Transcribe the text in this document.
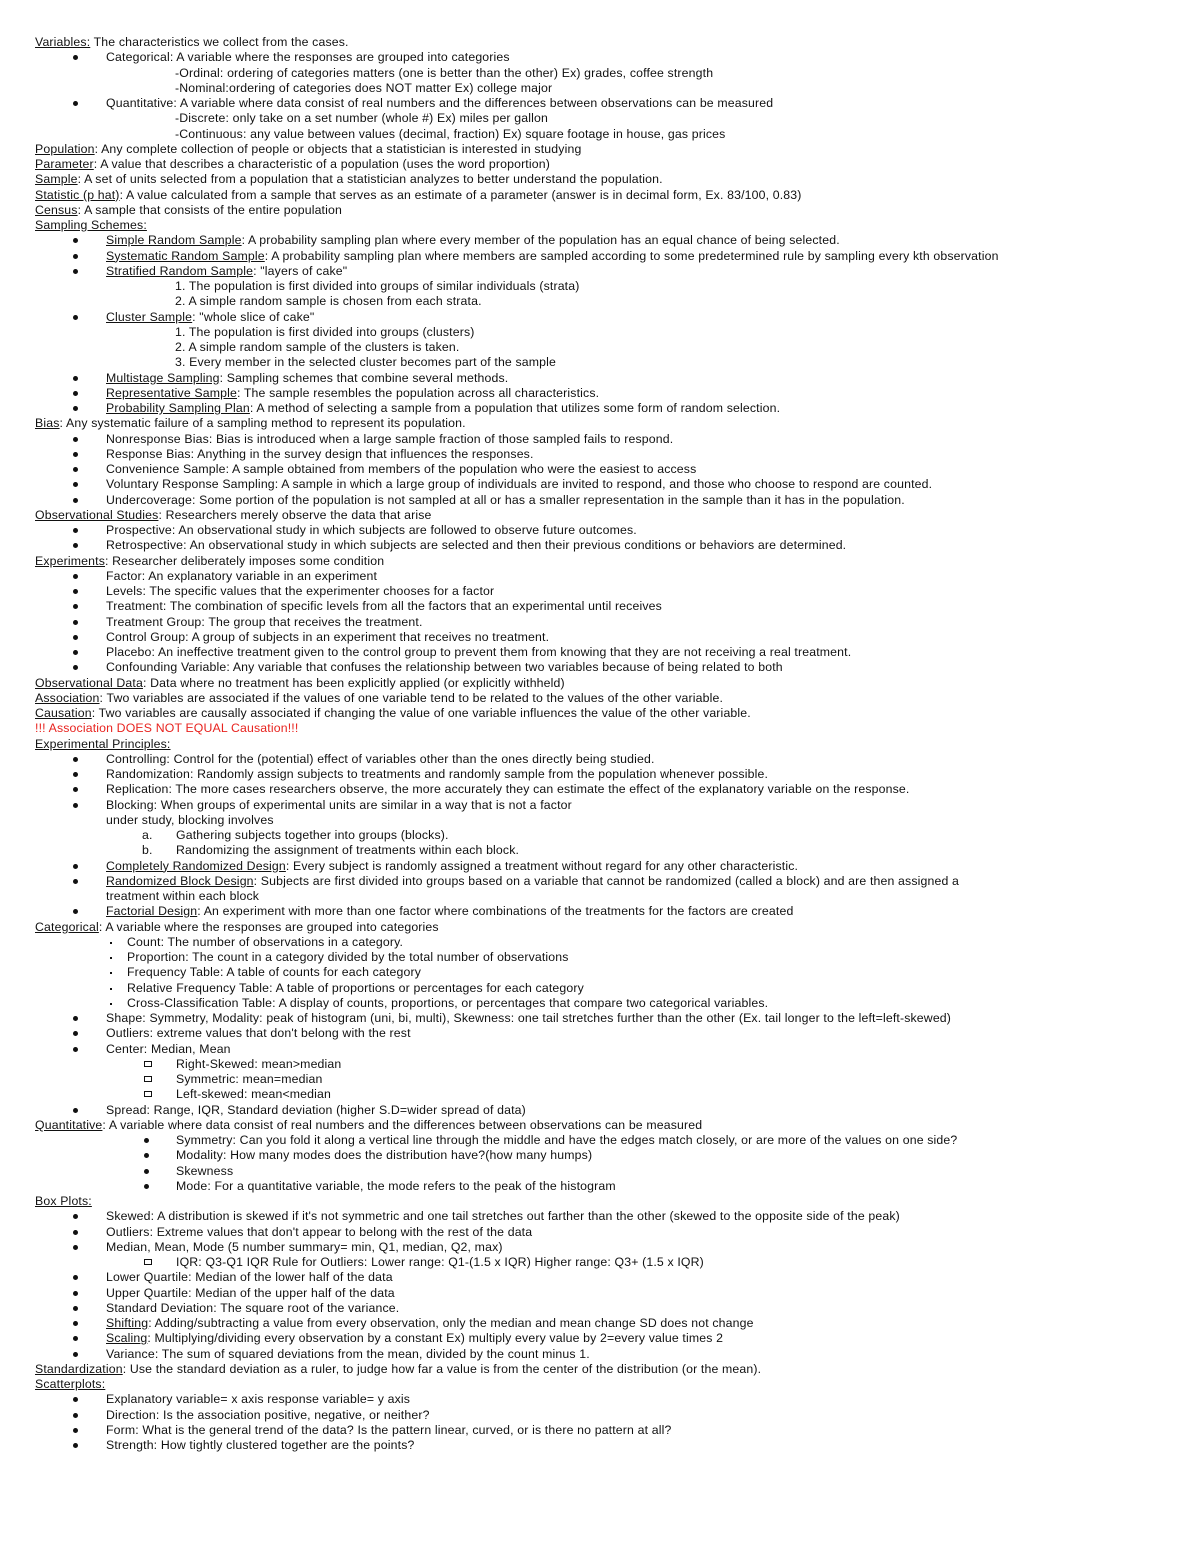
Variables: The characteristics we collect from the cases.
Categorical: A variable where the responses are grouped into categories
-Ordinal: ordering of categories matters (one is better than the other) Ex) grades, coffee strength
-Nominal:ordering of categories does NOT matter Ex) college major
Quantitative: A variable where data consist of real numbers and the differences between observations can be measured
-Discrete: only take on a set number (whole #) Ex) miles per gallon
-Continuous: any value between values (decimal, fraction) Ex) square footage in house, gas prices
Population: Any complete collection of people or objects that a statistician is interested in studying
Parameter: A value that describes a characteristic of a population (uses the word proportion)
Sample: A set of units selected from a population that a statistician analyzes to better understand the population.
Statistic (p hat): A value calculated from a sample that serves as an estimate of a parameter (answer is in decimal form, Ex. 83/100, 0.83)
Census: A sample that consists of the entire population
Sampling Schemes:
Simple Random Sample: A probability sampling plan where every member of the population has an equal chance of being selected.
Systematic Random Sample: A probability sampling plan where members are sampled according to some predetermined rule by sampling every kth observation
Stratified Random Sample: "layers of cake"
1. The population is first divided into groups of similar individuals (strata)
2. A simple random sample is chosen from each strata.
Cluster Sample: "whole slice of cake"
1. The population is first divided into groups (clusters)
2. A simple random sample of the clusters is taken.
3. Every member in the selected cluster becomes part of the sample
Multistage Sampling: Sampling schemes that combine several methods.
Representative Sample: The sample resembles the population across all characteristics.
Probability Sampling Plan: A method of selecting a sample from a population that utilizes some form of random selection.
Bias: Any systematic failure of a sampling method to represent its population.
Nonresponse Bias: Bias is introduced when a large sample fraction of those sampled fails to respond.
Response Bias: Anything in the survey design that influences the responses.
Convenience Sample: A sample obtained from members of the population who were the easiest to access
Voluntary Response Sampling: A sample in which a large group of individuals are invited to respond, and those who choose to respond are counted.
Undercoverage: Some portion of the population is not sampled at all or has a smaller representation in the sample than it has in the population.
Observational Studies: Researchers merely observe the data that arise
Prospective: An observational study in which subjects are followed to observe future outcomes.
Retrospective: An observational study in which subjects are selected and then their previous conditions or behaviors are determined.
Experiments: Researcher deliberately imposes some condition
Factor: An explanatory variable in an experiment
Levels: The specific values that the experimenter chooses for a factor
Treatment: The combination of specific levels from all the factors that an experimental until receives
Treatment Group: The group that receives the treatment.
Control Group: A group of subjects in an experiment that receives no treatment.
Placebo: An ineffective treatment given to the control group to prevent them from knowing that they are not receiving a real treatment.
Confounding Variable: Any variable that confuses the relationship between two variables because of being related to both
Observational Data: Data where no treatment has been explicitly applied (or explicitly withheld)
Association: Two variables are associated if the values of one variable tend to be related to the values of the other variable.
Causation: Two variables are causally associated if changing the value of one variable influences the value of the other variable.
!!! Association DOES NOT EQUAL Causation!!!
Experimental Principles:
Controlling: Control for the (potential) effect of variables other than the ones directly being studied.
Randomization: Randomly assign subjects to treatments and randomly sample from the population whenever possible.
Replication: The more cases researchers observe, the more accurately they can estimate the effect of the explanatory variable on the response.
Blocking: When groups of experimental units are similar in a way that is not a factor
under study, blocking involves
a. Gathering subjects together into groups (blocks).
b. Randomizing the assignment of treatments within each block.
Completely Randomized Design: Every subject is randomly assigned a treatment without regard for any other characteristic.
Randomized Block Design: Subjects are first divided into groups based on a variable that cannot be randomized (called a block) and are then assigned a
treatment within each block
Factorial Design: An experiment with more than one factor where combinations of the treatments for the factors are created
Categorical: A variable where the responses are grouped into categories
Count: The number of observations in a category.
Proportion: The count in a category divided by the total number of observations
Frequency Table: A table of counts for each category
Relative Frequency Table: A table of proportions or percentages for each category
Cross-Classification Table: A display of counts, proportions, or percentages that compare two categorical variables.
Shape: Symmetry, Modality: peak of histogram (uni, bi, multi), Skewness: one tail stretches further than the other (Ex. tail longer to the left=left-skewed)
Outliers: extreme values that don't belong with the rest
Center: Median, Mean
Right-Skewed: mean>median
Symmetric: mean=median
Left-skewed: mean<median
Spread: Range, IQR, Standard deviation (higher S.D=wider spread of data)
Quantitative: A variable where data consist of real numbers and the differences between observations can be measured
Symmetry: Can you fold it along a vertical line through the middle and have the edges match closely, or are more of the values on one side?
Modality: How many modes does the distribution have?(how many humps)
Skewness
Mode: For a quantitative variable, the mode refers to the peak of the histogram
Box Plots:
Skewed: A distribution is skewed if it's not symmetric and one tail stretches out farther than the other (skewed to the opposite side of the peak)
Outliers: Extreme values that don't appear to belong with the rest of the data
Median, Mean, Mode (5 number summary= min, Q1, median, Q2, max)
IQR: Q3-Q1 IQR Rule for Outliers: Lower range: Q1-(1.5 x IQR) Higher range: Q3+ (1.5 x IQR)
Lower Quartile: Median of the lower half of the data
Upper Quartile: Median of the upper half of the data
Standard Deviation: The square root of the variance.
Shifting: Adding/subtracting a value from every observation, only the median and mean change SD does not change
Scaling: Multiplying/dividing every observation by a constant Ex) multiply every value by 2=every value times 2
Variance: The sum of squared deviations from the mean, divided by the count minus 1.
Standardization: Use the standard deviation as a ruler, to judge how far a value is from the center of the distribution (or the mean).
Scatterplots:
Explanatory variable= x axis response variable= y axis
Direction: Is the association positive, negative, or neither?
Form: What is the general trend of the data? Is the pattern linear, curved, or is there no pattern at all?
Strength: How tightly clustered together are the points?
